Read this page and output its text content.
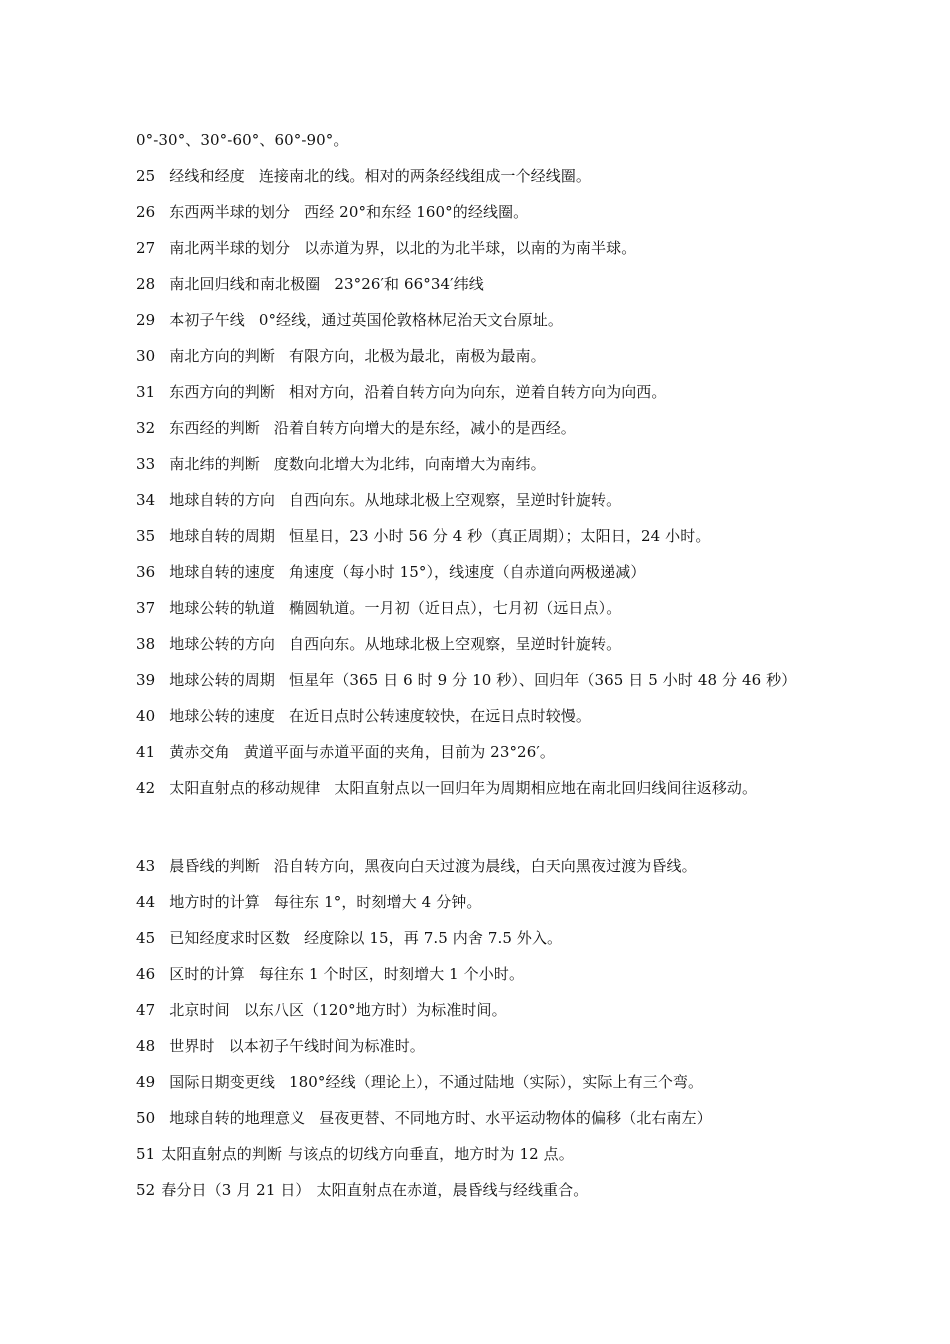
0°-30°、30°-60°、60°-90°。
25 经线和经度 连接南北的线。相对的两条经线组成一个经线圈。
26 东西两半球的划分 西经 20°和东经 160°的经线圈。
27 南北两半球的划分 以赤道为界，以北的为北半球，以南的为南半球。
28 南北回归线和南北极圈 23°26′和 66°34′纬线
29 本初子午线 0°经线，通过英国伦敦格林尼治天文台原址。
30 南北方向的判断 有限方向，北极为最北，南极为最南。
31 东西方向的判断 相对方向，沿着自转方向为向东，逆着自转方向为向西。
32 东西经的判断 沿着自转方向增大的是东经，减小的是西经。
33 南北纬的判断 度数向北增大为北纬，向南增大为南纬。
34 地球自转的方向 自西向东。从地球北极上空观察，呈逆时针旋转。
35 地球自转的周期 恒星日，23 小时 56 分 4 秒（真正周期）；太阳日，24 小时。
36 地球自转的速度 角速度（每小时 15°），线速度（自赤道向两极递减）
37 地球公转的轨道 椭圆轨道。一月初（近日点），七月初（远日点）。
38 地球公转的方向 自西向东。从地球北极上空观察，呈逆时针旋转。
39 地球公转的周期 恒星年（365 日 6 时 9 分 10 秒）、回归年（365 日 5 小时 48 分 46 秒）
40 地球公转的速度 在近日点时公转速度较快，在远日点时较慢。
41 黄赤交角 黄道平面与赤道平面的夹角，目前为 23°26′。
42 太阳直射点的移动规律 太阳直射点以一回归年为周期相应地在南北回归线间往返移动。
43 晨昏线的判断 沿自转方向，黑夜向白天过渡为晨线，白天向黑夜过渡为昏线。
44 地方时的计算 每往东 1°，时刻增大 4 分钟。
45 已知经度求时区数 经度除以 15，再 7.5 内舍 7.5 外入。
46 区时的计算 每往东 1 个时区，时刻增大 1 个小时。
47 北京时间 以东八区（120°地方时）为标准时间。
48 世界时 以本初子午线时间为标准时。
49 国际日期变更线 180°经线（理论上），不通过陆地（实际），实际上有三个弯。
50 地球自转的地理意义 昼夜更替、不同地方时、水平运动物体的偏移（北右南左）
51 太阳直射点的判断 与该点的切线方向垂直，地方时为 12 点。
52 春分日（3 月 21 日） 太阳直射点在赤道，晨昏线与经线重合。
